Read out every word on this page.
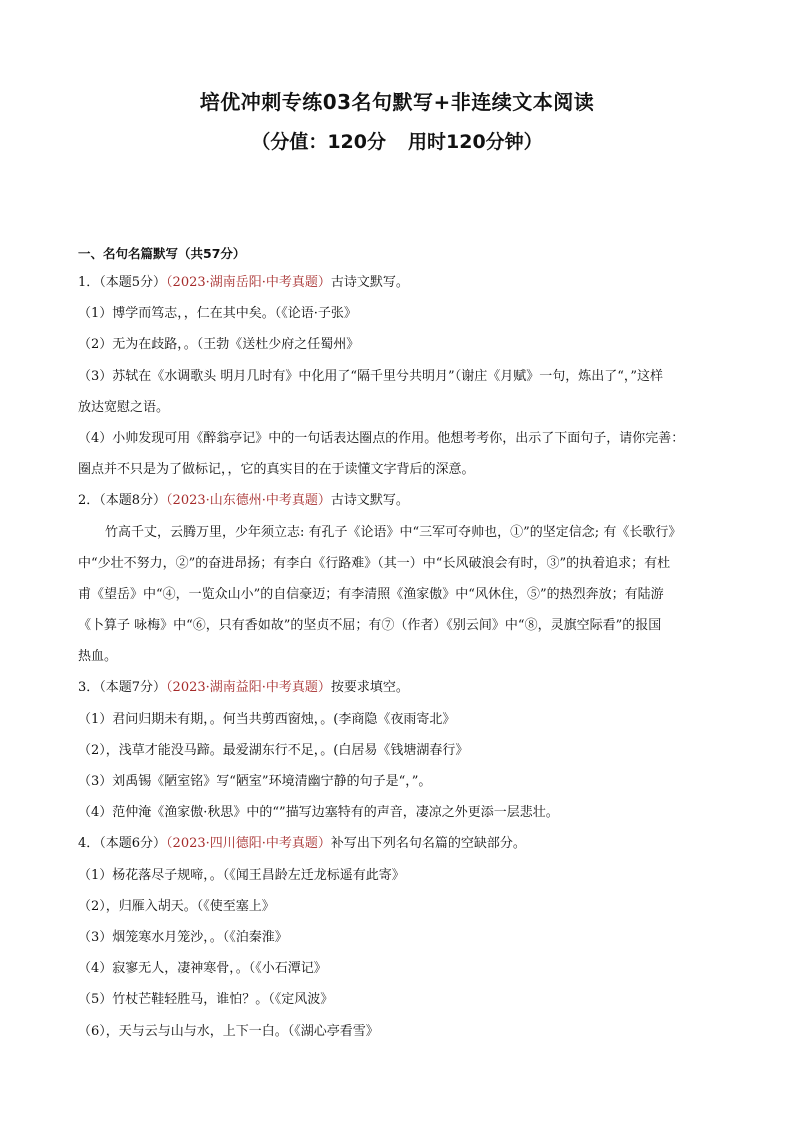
培优冲刺专练03名句默写+非连续文本阅读
（分值：120分 用时120分钟）
一、名句名篇默写（共57分）
1．（本题5分）（2023·湖南岳阳·中考真题）古诗文默写。
（1）博学而笃志，，仁在其中矣。（《论语·子张》
（2）无为在歧路，。（王勃《送杜少府之任蜀州》
（3）苏轼在《水调歌头 明月几时有》中化用了“隔千里兮共明月”（谢庄《月赋》一句，炼出了“，”这样
放达宽慰之语。
（4）小帅发现可用《醉翁亭记》中的一句话表达圈点的作用。他想考考你，出示了下面句子，请你完善：
圈点并不只是为了做标记，，它的真实目的在于读懂文字背后的深意。
2．（本题8分）（2023·山东德州·中考真题）古诗文默写。
竹高千丈，云腾万里，少年须立志: 有孔子《论语》中“三军可夺帅也，①”的坚定信念; 有《长歌行》
中“少壮不努力，②”的奋进昂扬；有李白《行路难》（其一）中“长风破浪会有时，③”的执着追求；有杜
甫《望岳》中“④，一览众山小”的自信豪迈；有李清照《渔家傲》中“风休住，⑤”的热烈奔放；有陆游
《卜算子 咏梅》中“⑥，只有香如故”的坚贞不屈；有⑦（作者）《别云间》中“⑧，灵旗空际看”的报国
热血。
3．（本题7分）（2023·湖南益阳·中考真题）按要求填空。
（1）君问归期未有期，。何当共剪西窗烛，。(李商隐《夜雨寄北》
（2），浅草才能没马蹄。最爱湖东行不足，。(白居易《钱塘湖春行》
（3）刘禹锡《陋室铭》写“陋室”环境清幽宁静的句子是“，”。
（4）范仲淹《渔家傲·秋思》中的“”描写边塞特有的声音，凄凉之外更添一层悲壮。
4．（本题6分）（2023·四川德阳·中考真题）补写出下列名句名篇的空缺部分。
（1）杨花落尽子规啼，。（《闻王昌龄左迁龙标遥有此寄》
（2），归雁入胡天。（《使至塞上》
（3）烟笼寒水月笼沙，。（《泊秦淮》
（4）寂寥无人，凄神寒骨，。（《小石潭记》
（5）竹杖芒鞋轻胜马，谁怕？。（《定风波》
（6），天与云与山与水，上下一白。（《湖心亭看雪》
